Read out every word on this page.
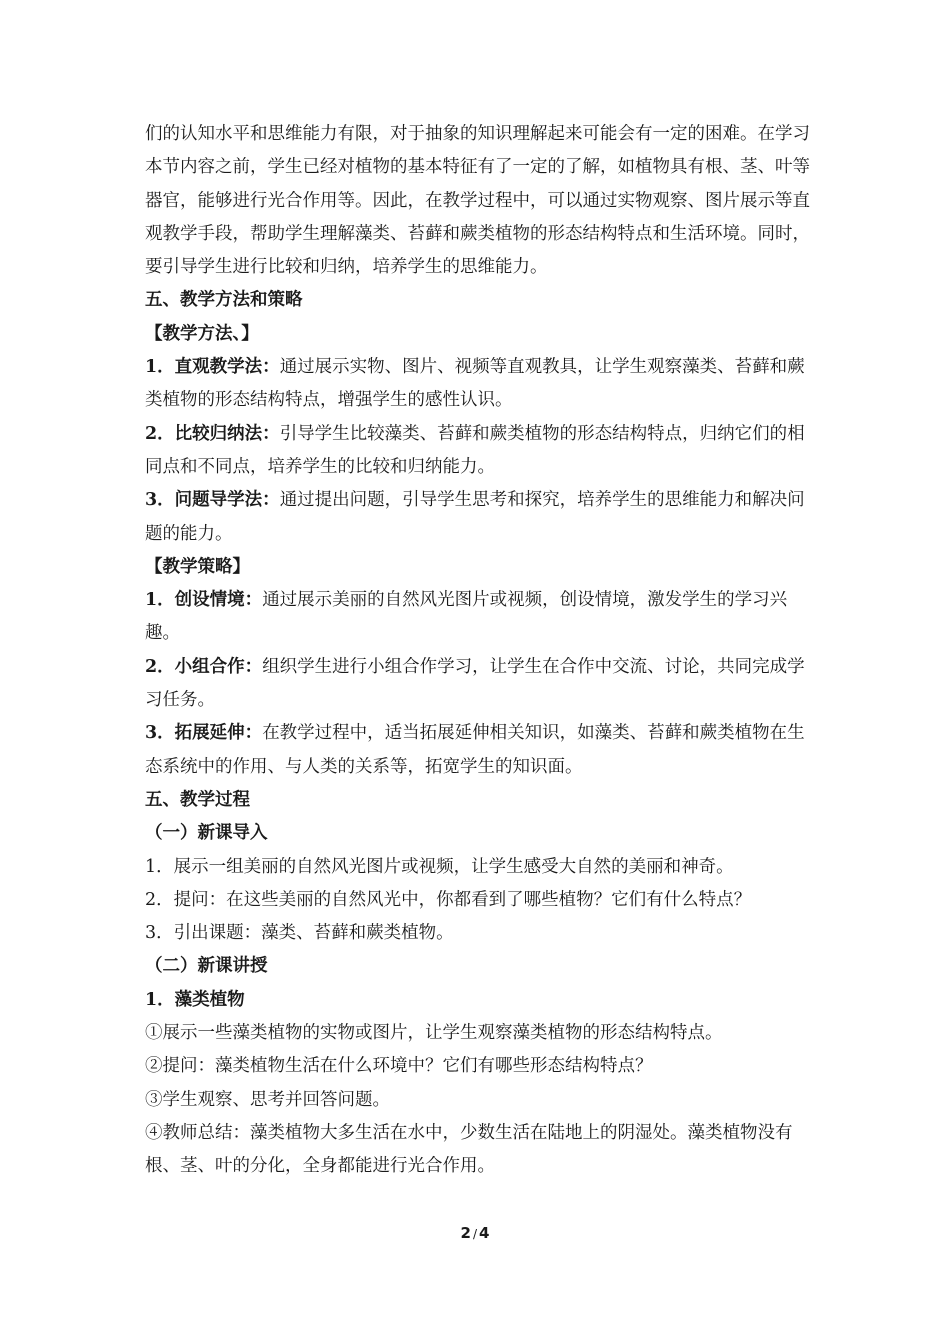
们的认知水平和思维能力有限，对于抽象的知识理解起来可能会有一定的困难。在学习本节内容之前，学生已经对植物的基本特征有了一定的了解，如植物具有根、茎、叶等器官，能够进行光合作用等。因此，在教学过程中，可以通过实物观察、图片展示等直观教学手段，帮助学生理解藻类、苔藓和蕨类植物的形态结构特点和生活环境。同时，要引导学生进行比较和归纳，培养学生的思维能力。

五、教学方法和策略

【教学方法、】

1．直观教学法：通过展示实物、图片、视频等直观教具，让学生观察藻类、苔藓和蕨类植物的形态结构特点，增强学生的感性认识。

2．比较归纳法：引导学生比较藻类、苔藓和蕨类植物的形态结构特点，归纳它们的相同点和不同点，培养学生的比较和归纳能力。

3．问题导学法：通过提出问题，引导学生思考和探究，培养学生的思维能力和解决问题的能力。

【教学策略】

1．创设情境：通过展示美丽的自然风光图片或视频，创设情境，激发学生的学习兴趣。

2．小组合作：组织学生进行小组合作学习，让学生在合作中交流、讨论，共同完成学习任务。

3．拓展延伸：在教学过程中，适当拓展延伸相关知识，如藻类、苔藓和蕨类植物在生态系统中的作用、与人类的关系等，拓宽学生的知识面。

五、教学过程

（一）新课导入

1．展示一组美丽的自然风光图片或视频，让学生感受大自然的美丽和神奇。

2．提问：在这些美丽的自然风光中，你都看到了哪些植物？它们有什么特点？

3．引出课题：藻类、苔藓和蕨类植物。

（二）新课讲授

1．藻类植物

①展示一些藻类植物的实物或图片，让学生观察藻类植物的形态结构特点。

②提问：藻类植物生活在什么环境中？它们有哪些形态结构特点？

③学生观察、思考并回答问题。

④教师总结：藻类植物大多生活在水中，少数生活在陆地上的阴湿处。藻类植物没有根、茎、叶的分化，全身都能进行光合作用。

2 / 4
